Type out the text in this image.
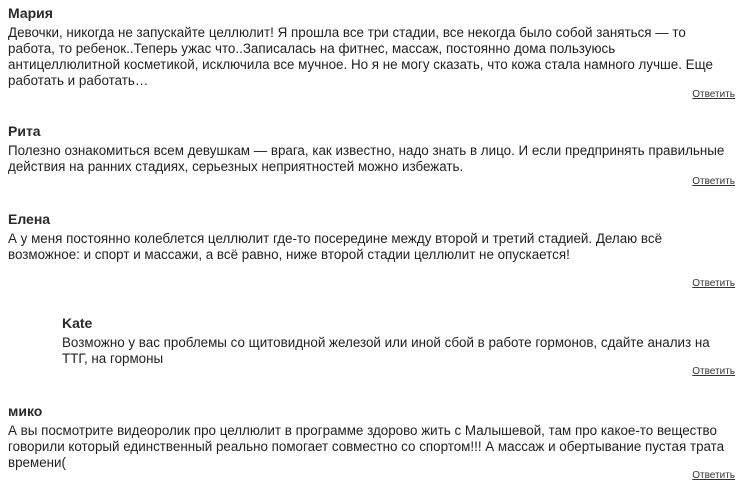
Мария

Девочки, никогда не запускайте целлюлит! Я прошла все три стадии, все некогда было собой заняться — то работа, то ребенок..Теперь ужас что..Записалась на фитнес, массаж, постоянно дома пользуюсь антицеллюлитной косметикой, исключила все мучное. Но я не могу сказать, что кожа стала намного лучше. Еще работать и работать…

Ответить
Рита

Полезно ознакомиться всем девушкам — врага, как известно, надо знать в лицо. И если предпринять правильные действия на ранних стадиях, серьезных неприятностей можно избежать.

Ответить
Елена

А у меня постоянно колеблется целлюлит где-то посередине между второй и третий стадией. Делаю всё возможное: и спорт и массажи, а всё равно, ниже второй стадии целлюлит не опускается!

Ответить
Kate

Возможно у вас проблемы со щитовидной железой или иной сбой в работе гормонов, сдайте анализ на ТТГ, на гормоны

Ответить
мико

А вы посмотрите видеоролик про целлюлит в программе здорово жить с Малышевой, там про какое-то вещество говорили который единственный реально помогает совместно со спортом!!! А массаж и обертывание пустая трата времени(

Ответить
